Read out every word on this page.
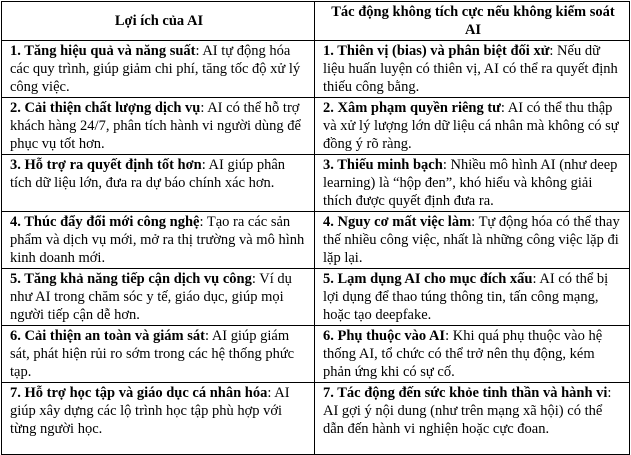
Lợi ích của AI	Tác động không tích cực nếu không kiểm soát AI
1. Tăng hiệu quả và năng suất: AI tự động hóa các quy trình, giúp giảm chi phí, tăng tốc độ xử lý công việc.	1. Thiên vị (bias) và phân biệt đối xử: Nếu dữ liệu huấn luyện có thiên vị, AI có thể ra quyết định thiếu công bằng.
2. Cải thiện chất lượng dịch vụ: AI có thể hỗ trợ khách hàng 24/7, phân tích hành vi người dùng để phục vụ tốt hơn.	2. Xâm phạm quyền riêng tư: AI có thể thu thập và xử lý lượng lớn dữ liệu cá nhân mà không có sự đồng ý rõ ràng.
3. Hỗ trợ ra quyết định tốt hơn: AI giúp phân tích dữ liệu lớn, đưa ra dự báo chính xác hơn.	3. Thiếu minh bạch: Nhiều mô hình AI (như deep learning) là “hộp đen”, khó hiểu và không giải thích được quyết định đưa ra.
4. Thúc đẩy đổi mới công nghệ: Tạo ra các sản phẩm và dịch vụ mới, mở ra thị trường và mô hình kinh doanh mới.	4. Nguy cơ mất việc làm: Tự động hóa có thể thay thế nhiều công việc, nhất là những công việc lặp đi lặp lại.
5. Tăng khả năng tiếp cận dịch vụ công: Ví dụ như AI trong chăm sóc y tế, giáo dục, giúp mọi người tiếp cận dễ hơn.	5. Lạm dụng AI cho mục đích xấu: AI có thể bị lợi dụng để thao túng thông tin, tấn công mạng, hoặc tạo deepfake.
6. Cải thiện an toàn và giám sát: AI giúp giám sát, phát hiện rủi ro sớm trong các hệ thống phức tạp.	6. Phụ thuộc vào AI: Khi quá phụ thuộc vào hệ thống AI, tổ chức có thể trở nên thụ động, kém phản ứng khi có sự cố.
7. Hỗ trợ học tập và giáo dục cá nhân hóa: AI giúp xây dựng các lộ trình học tập phù hợp với từng người học.	7. Tác động đến sức khỏe tinh thần và hành vi: AI gợi ý nội dung (như trên mạng xã hội) có thể dẫn đến hành vi nghiện hoặc cực đoan.
